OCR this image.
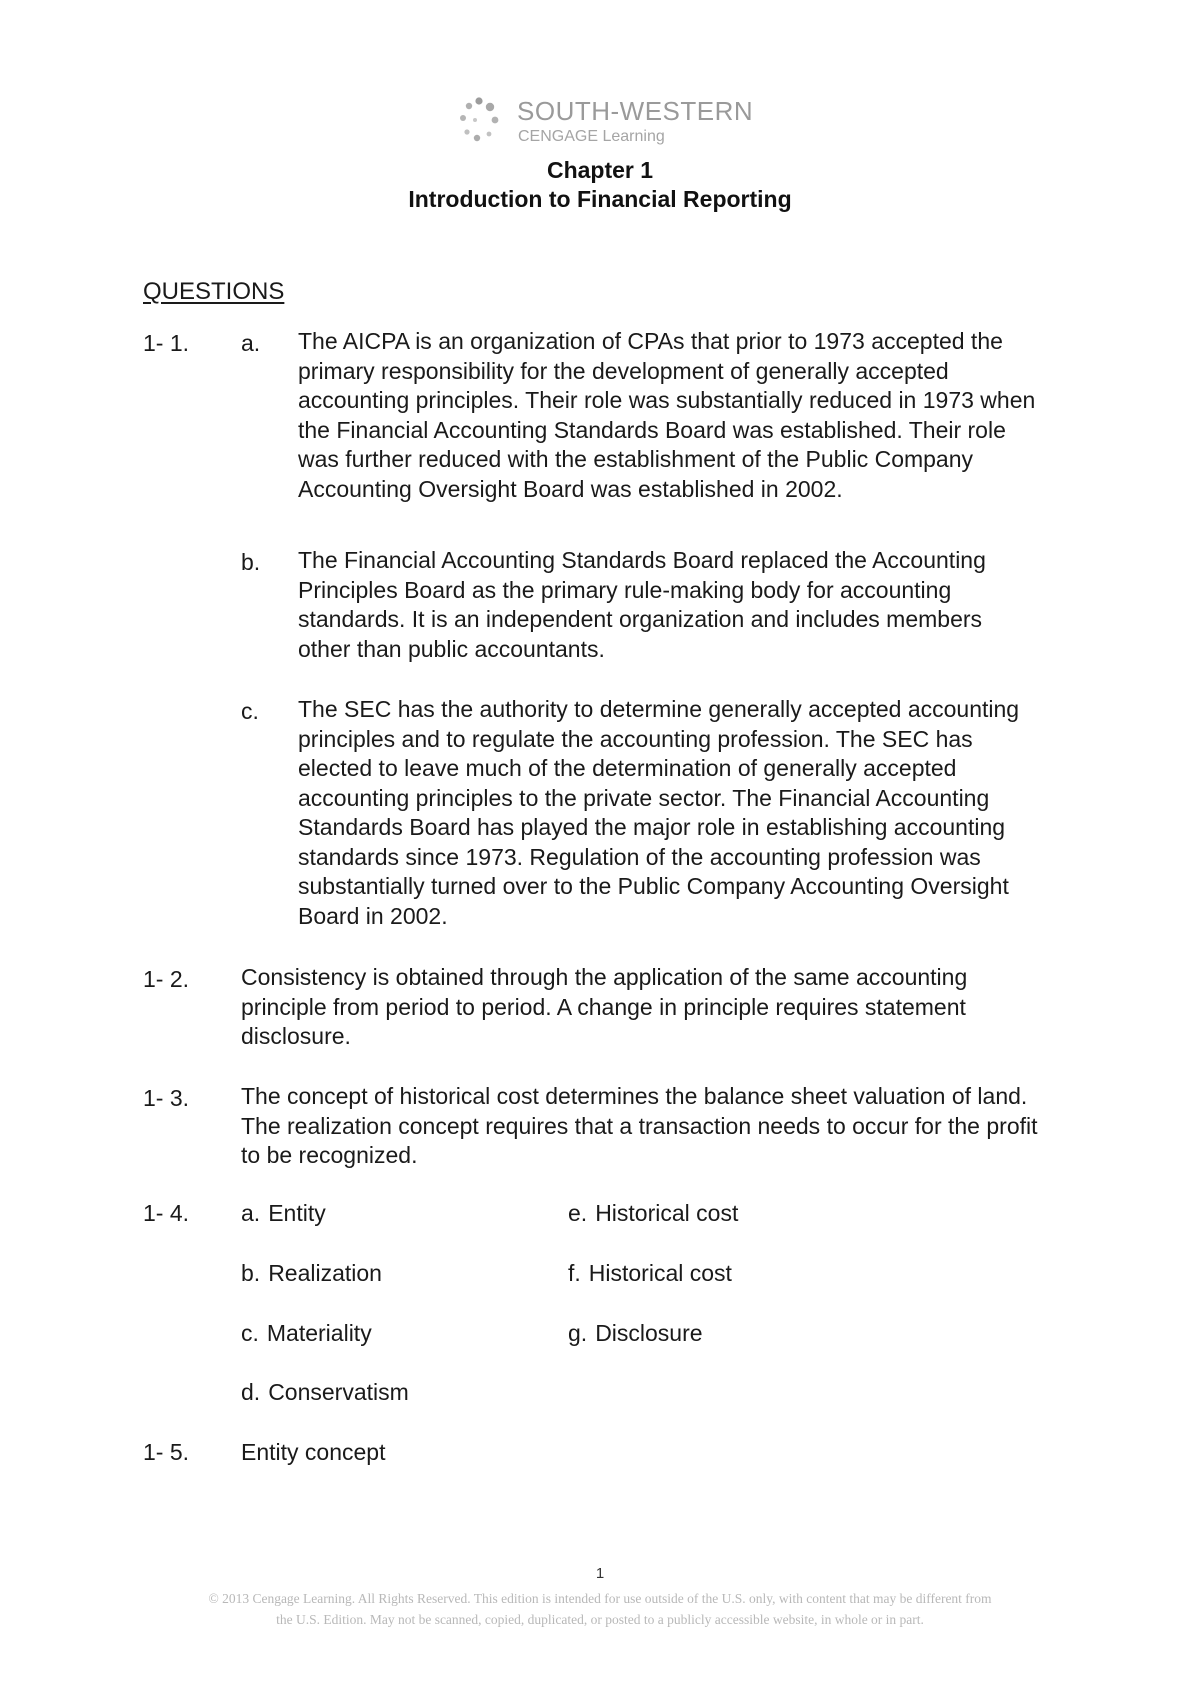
SOUTH-WESTERN
CENGAGE Learning
Chapter 1
Introduction to Financial Reporting
QUESTIONS
1- 1. a. The AICPA is an organization of CPAs that prior to 1973 accepted the
primary responsibility for the development of generally accepted
accounting principles. Their role was substantially reduced in 1973 when
the Financial Accounting Standards Board was established. Their role
was further reduced with the establishment of the Public Company
Accounting Oversight Board was established in 2002.
b. The Financial Accounting Standards Board replaced the Accounting
Principles Board as the primary rule-making body for accounting
standards. It is an independent organization and includes members
other than public accountants.
c. The SEC has the authority to determine generally accepted accounting
principles and to regulate the accounting profession. The SEC has
elected to leave much of the determination of generally accepted
accounting principles to the private sector. The Financial Accounting
Standards Board has played the major role in establishing accounting
standards since 1973. Regulation of the accounting profession was
substantially turned over to the Public Company Accounting Oversight
Board in 2002.
1- 2. Consistency is obtained through the application of the same accounting
principle from period to period. A change in principle requires statement
disclosure.
1- 3. The concept of historical cost determines the balance sheet valuation of land.
The realization concept requires that a transaction needs to occur for the profit
to be recognized.
1- 4. a. Entity
b. Realization
c. Materiality
d. Conservatism
e. Historical cost
f. Historical cost
g. Disclosure
1- 5. Entity concept
1
© 2013 Cengage Learning. All Rights Reserved. This edition is intended for use outside of the U.S. only, with content that may be different from
the U.S. Edition. May not be scanned, copied, duplicated, or posted to a publicly accessible website, in whole or in part.
